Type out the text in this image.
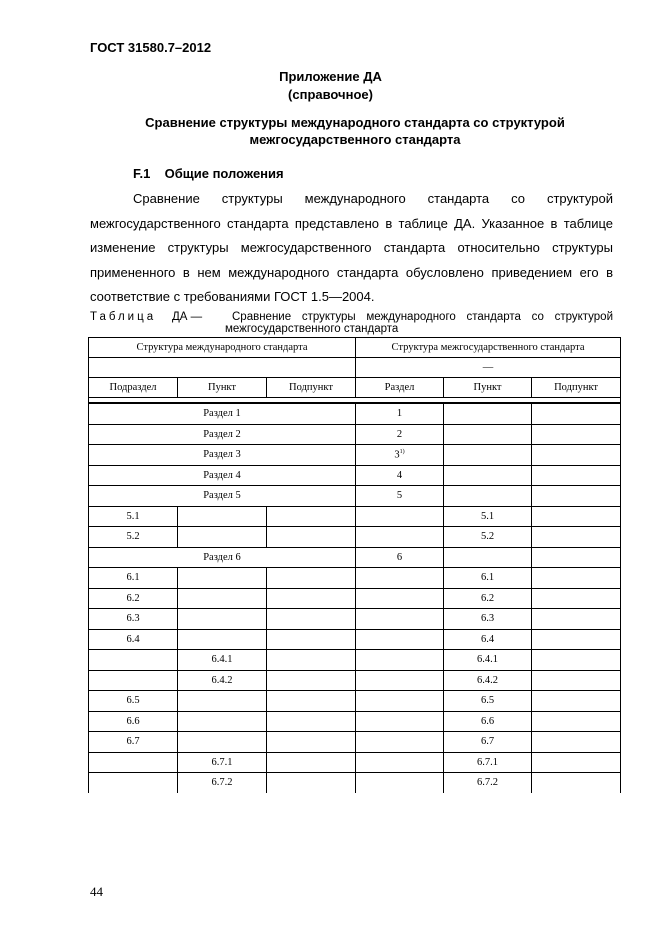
ГОСТ 31580.7–2012
Приложение ДА
(справочное)
Сравнение структуры международного стандарта со структурой
межгосударственного стандарта
F.1 Общие положения

Сравнение структуры международного стандарта со структурой межгосударственного стандарта представлено в таблице ДА. Указанное в таблице изменение структуры межгосударственного стандарта относительно структуры примененного в нем международного стандарта обусловлено приведением его в соответствие с требованиями ГОСТ 1.5—2004.

Таблица ДА —	Сравнение структуры международного стандарта со структурой
межгосударственного стандарта
Структура международного стандарта			Структура межгосударственного стандарта		
			—		
Подраздел	Пункт	Подпункт	Раздел	Пункт	Подпункт

Раздел 1			1		
Раздел 2			2		
Раздел 3			3$^{1)}$		
Раздел 4			4		
Раздел 5			5		
5.1				5.1	
5.2				5.2	
Раздел 6			6		
6.1				6.1	
6.2				6.2	
6.3				6.3	
6.4				6.4	
	6.4.1			6.4.1	
	6.4.2			6.4.2	
6.5				6.5	
6.6				6.6	
6.7				6.7	
	6.7.1			6.7.1	
	6.7.2			6.7.2	
44
